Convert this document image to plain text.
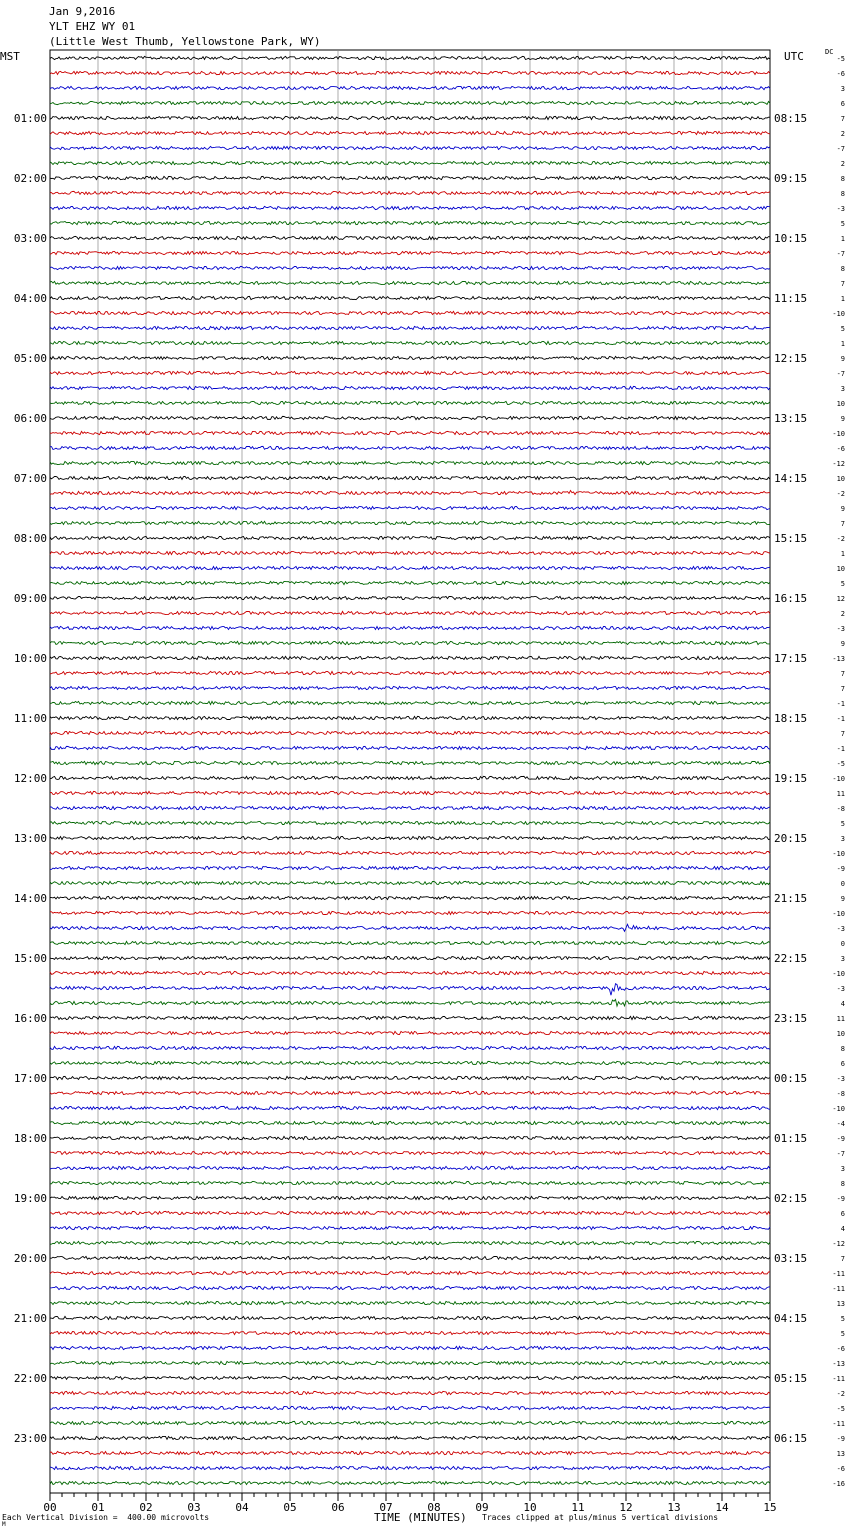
Jan 9,2016
YLT EHZ WY 01
(Little West Thumb, Yellowstone Park, WY)
MST	UTC	DC
-5
-6
3
6
7
2
-7
2
8
8
-3
5
1
-7
8
7
1
-10
5
1
9
-7
3
10
9
-10
-6
-12
10
-2
9
7
-2
1
10
5
12
2
-3
9
-13
7
7
-1
-1
7
-1
-5
-10
11
-8
5
3
-10
-9
0
9
-10
-3
0
3
-10
-3
4
11
10
8
6
-3
-8
-10
-4
-9
-7
3
8
-9
6
4
-12
7
-11
-11
13
5
5
-6
-13
-11
-2
-5
-11
-9
13
-6
-16
01:00	08:15
02:00	09:15
03:00	10:15
04:00	11:15
05:00	12:15
06:00	13:15
07:00	14:15
08:00	15:15
09:00	16:15
10:00	17:15
11:00	18:15
12:00	19:15
13:00	20:15
14:00	21:15
15:00	22:15
16:00	23:15
17:00	00:15
18:00	01:15
19:00	02:15
20:00	03:15
21:00	04:15
22:00	05:15
23:00	06:15
00	01	02	03	04	05	06	07	08	09	10	11	12	13	14	15
M
Each Vertical Division =  400.00 microvolts	TIME (MINUTES) Traces clipped at plus/minus 5 vertical divisions
